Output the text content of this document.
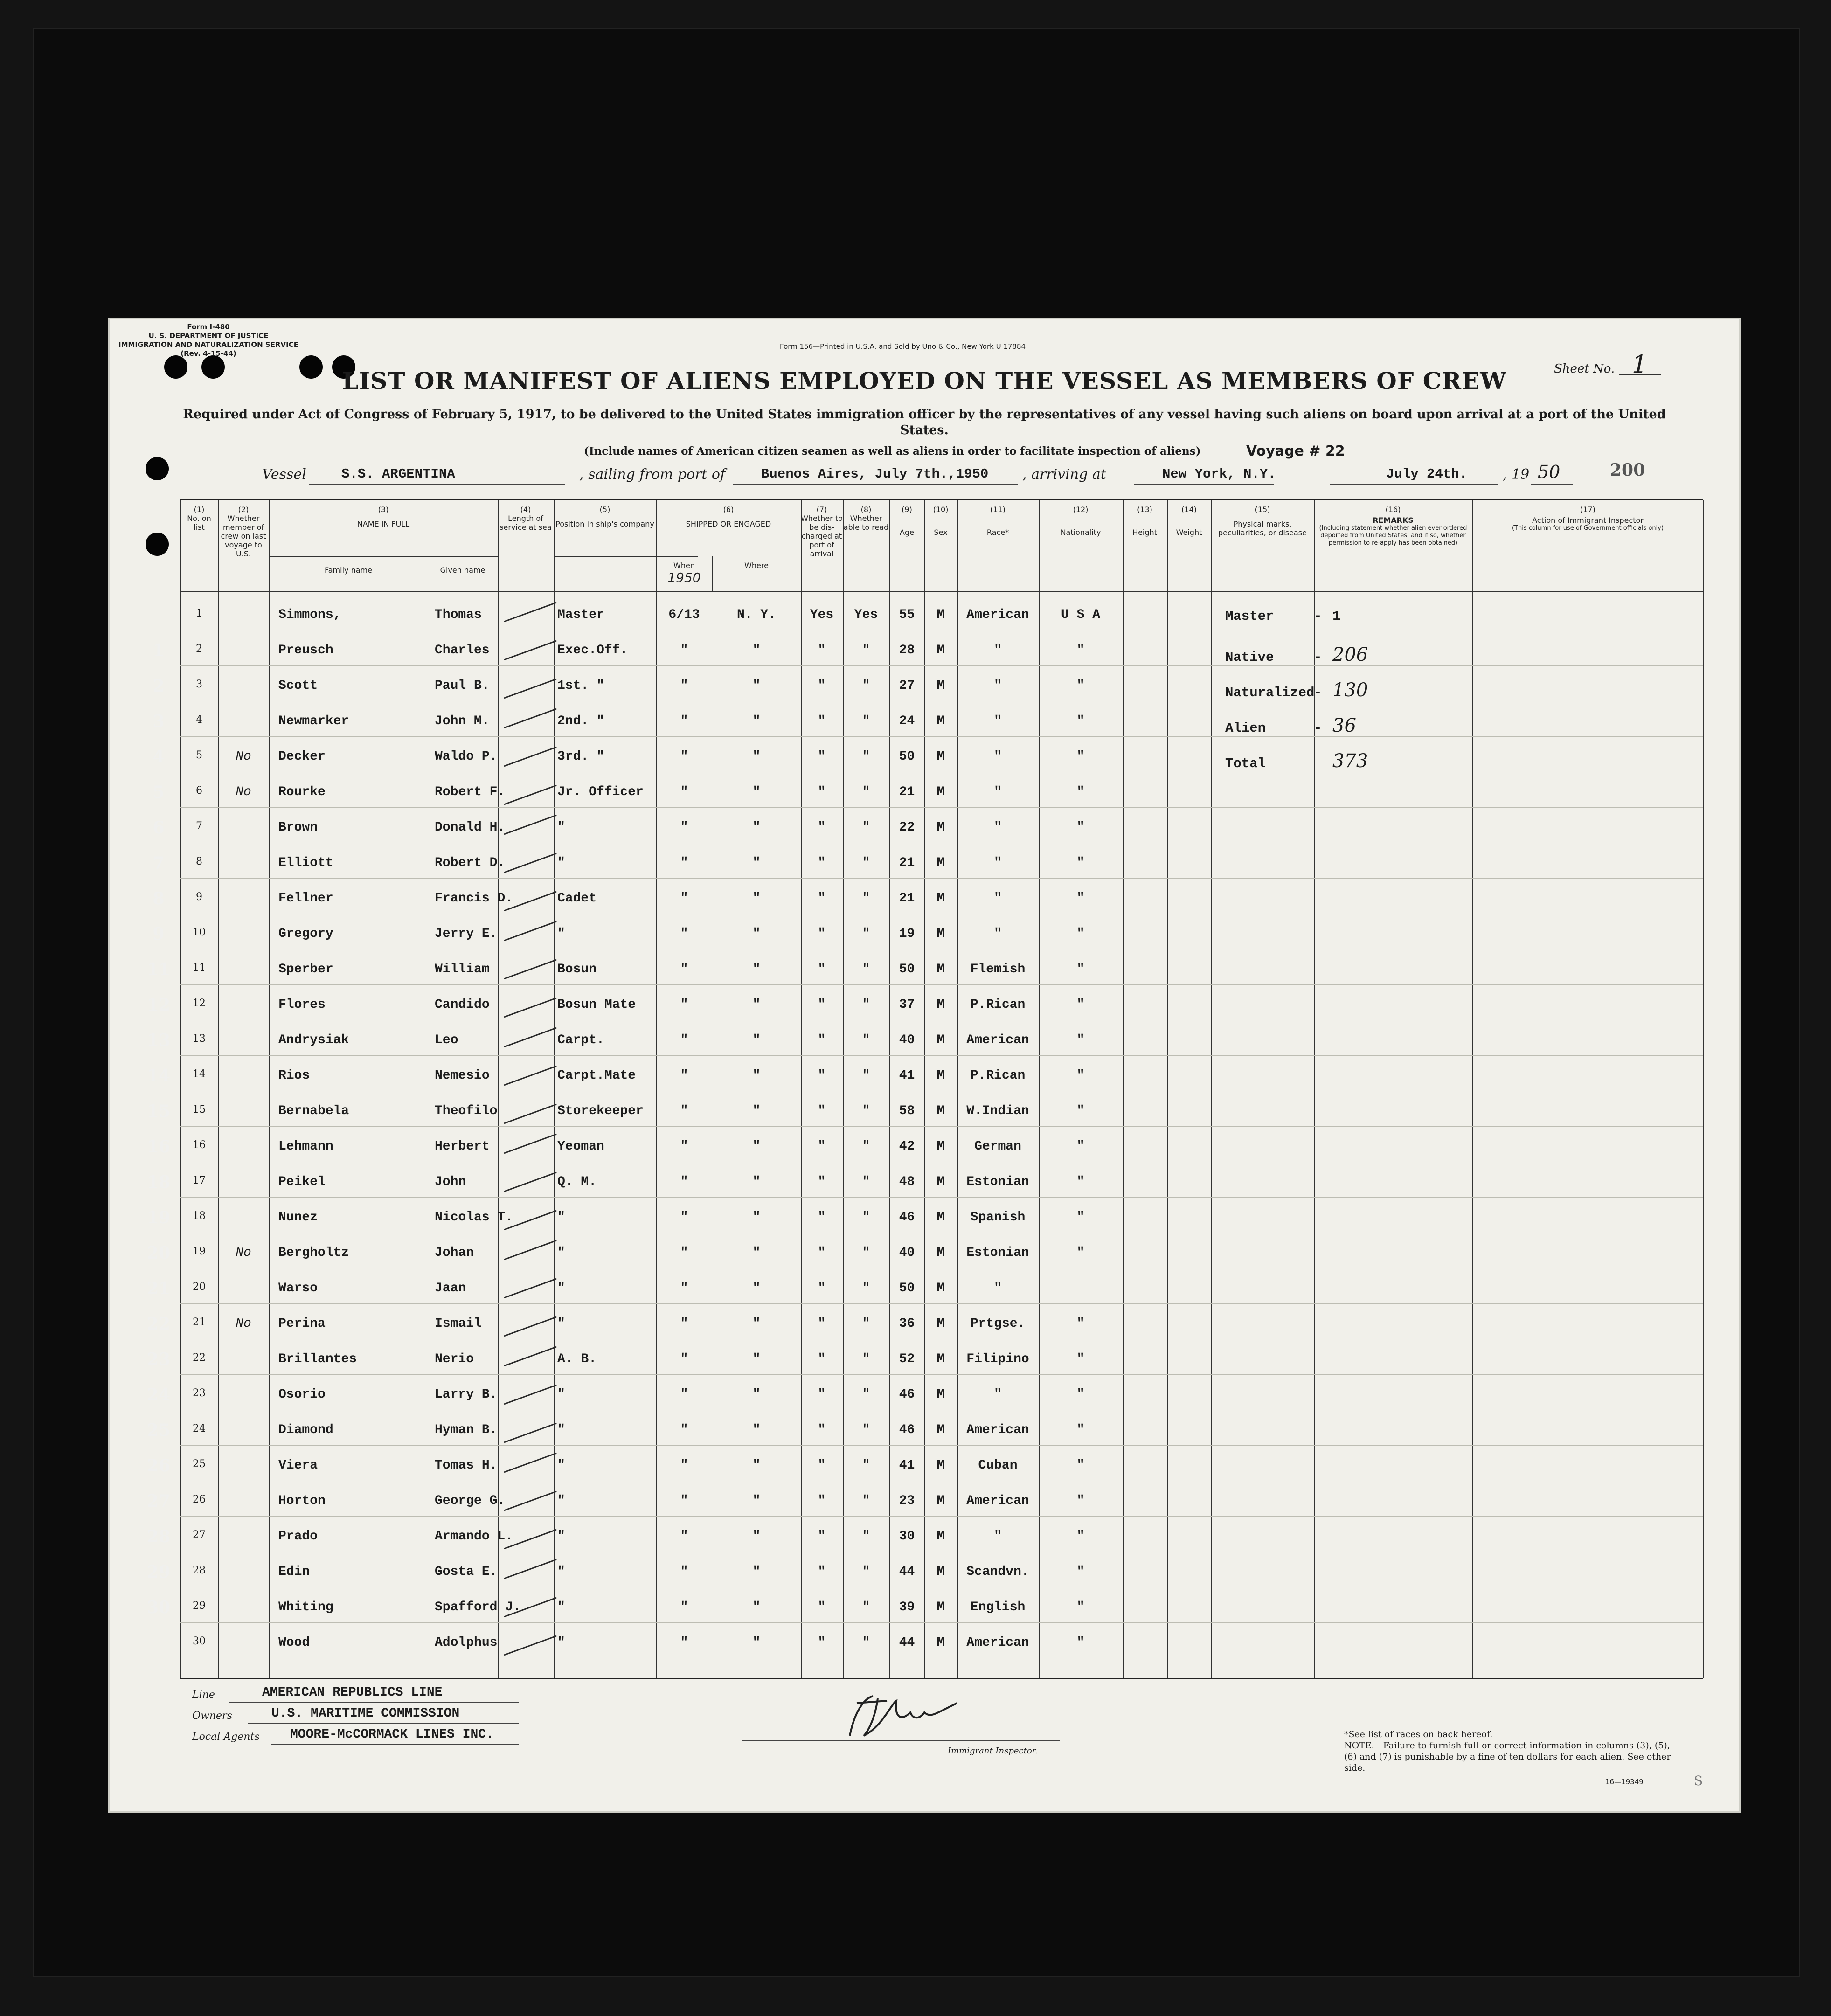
Form I-480
U. S. DEPARTMENT OF JUSTICE
IMMIGRATION AND NATURALIZATION SERVICE
(Rev. 4-15-44)
Form 156—Printed in U.S.A. and Sold by Uno & Co., New York U 17884
Sheet No. 1
LIST OR MANIFEST OF ALIENS EMPLOYED ON THE VESSEL AS MEMBERS OF CREW
Required under Act of Congress of February 5, 1917, to be delivered to the United States immigration officer by the representatives of any vessel having such aliens on board upon arrival at a port of the United States.
(Include names of American citizen seamen as well as aliens in order to facilitate inspection of aliens)	Voyage # 22
Vessel	S.S. ARGENTINA	, sailing from port of	Buenos Aires, July 7th.,1950 , arriving at	New York, N.Y.	July 24th.	, 19 50	200
(1)
No. on list
(2)
Whether member of crew on last voyage to U.S.
(3)
NAME IN FULL
Family name	Given name
(4)
Length of service at sea
(5)
Position in ship's company
(6)
SHIPPED OR ENGAGED
When
1950
Where
(7)
Whether to be dis-charged at port of arrival
(8)
Whether able to read
(9)
Age
(10)
Sex
(11)
Race*
(12)
Nationality
(13)
Height
(14)
Weight
(15)
Physical marks, peculiarities, or disease
(16)
REMARKS
(Including statement whether alien ever ordered deported from United States, and if so, whether permission to re-apply has been obtained)
(17)
Action of Immigrant Inspector
(This column for use of Government officials only)
1	Simmons,	Thomas	Master	6/13	N. Y.	Yes	Yes	55	M	American	U S A
2	Preusch	Charles	Exec.Off.	"	"	"	"	28	M	"	"
3	Scott	Paul B.	1st. "	"	"	"	"	27	M	"	"
4	Newmarker	John M.	2nd. "	"	"	"	"	24	M	"	"
5	No	Decker	Waldo P.	3rd. "	"	"	"	"	50	M	"	"
6	No	Rourke	Robert F.	Jr. Officer	"	"	"	"	21	M	"	"
7	Brown	Donald H.	"	"	"	"	"	22	M	"	"
8	Elliott	Robert D.	"	"	"	"	"	21	M	"	"
9	Fellner	Francis D.	Cadet	"	"	"	"	21	M	"	"
10	Gregory	Jerry E.	"	"	"	"	"	19	M	"	"
11	Sperber	William	Bosun	"	"	"	"	50	M	Flemish	"
12	Flores	Candido	Bosun Mate	"	"	"	"	37	M	P.Rican	"
13	Andrysiak	Leo	Carpt.	"	"	"	"	40	M	American	"
14	Rios	Nemesio	Carpt.Mate	"	"	"	"	41	M	P.Rican	"
15	Bernabela	Theofilo	Storekeeper	"	"	"	"	58	M	W.Indian	"
16	Lehmann	Herbert	Yeoman	"	"	"	"	42	M	German	"
17	Peikel	John	Q. M.	"	"	"	"	48	M	Estonian	"
18	Nunez	Nicolas T.	"	"	"	"	"	46	M	Spanish	"
19	No	Bergholtz	Johan	"	"	"	"	"	40	M	Estonian	"
20	Warso	Jaan	"	"	"	"	"	50	M	"
21	No	Perina	Ismail	"	"	"	"	"	36	M	Prtgse.	"
22	Brillantes	Nerio	A. B.	"	"	"	"	52	M	Filipino	"
23	Osorio	Larry B.	"	"	"	"	"	46	M	"	"
24	Diamond	Hyman B.	"	"	"	"	"	46	M	American	"
25	Viera	Tomas H.	"	"	"	"	"	41	M	Cuban	"
26	Horton	George G.	"	"	"	"	"	23	M	American	"
27	Prado	Armando L.	"	"	"	"	"	30	M	"	"
28	Edin	Gosta E.	"	"	"	"	"	44	M	Scandvn.	"
29	Whiting	Spafford J.	"	"	"	"	"	39	M	English	"
30	Wood	Adolphus	"	"	"	"	"	44	M	American	"
Master	- 1
Native	- 206
Naturalized- 130
Alien	- 36
Total	373
Line	AMERICAN REPUBLICS LINE
Owners	U.S. MARITIME COMMISSION
Local Agents MOORE-McCORMACK LINES INC.
Immigrant Inspector.
*See list of races on back hereof.
NOTE.—Failure to furnish full or correct information in columns (3), (5), (6) and (7) is punishable by a fine of ten dollars for each alien. See other side.
16—19349	S
1
2
3
4
5
6
7
8
9
11
12
13
14
15
16
18
19
20
21
22
23
24
25
26
27
28
29
30
